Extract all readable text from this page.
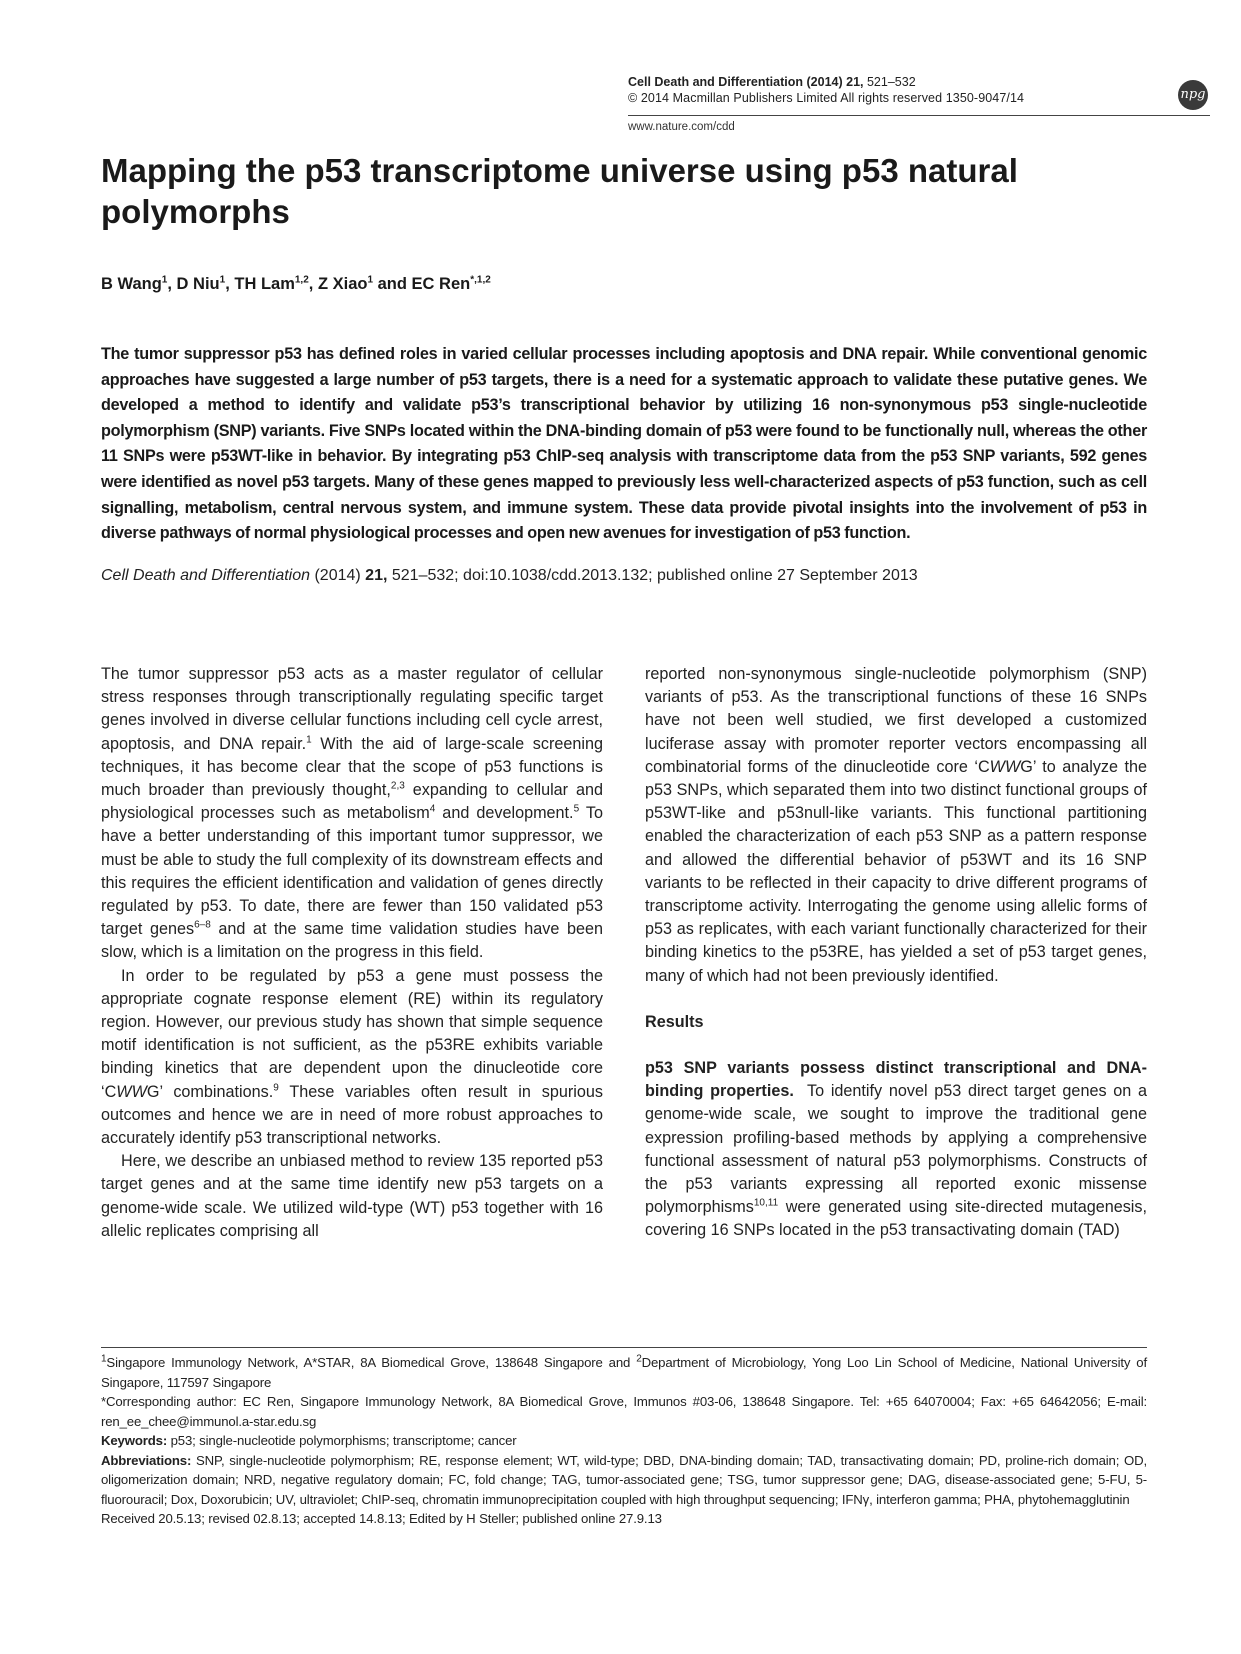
Cell Death and Differentiation (2014) 21, 521–532
© 2014 Macmillan Publishers Limited All rights reserved 1350-9047/14	npg
www.nature.com/cdd
Mapping the p53 transcriptome universe using p53 natural polymorphs
B Wang$^1$, D Niu$^1$, TH Lam$^{1,2}$, Z Xiao$^1$ and EC Ren$^{*,1,2}$

The tumor suppressor p53 has defined roles in varied cellular processes including apoptosis and DNA repair. While conventional genomic approaches have suggested a large number of p53 targets, there is a need for a systematic approach to validate these putative genes. We developed a method to identify and validate p53’s transcriptional behavior by utilizing 16 non-synonymous p53 single-nucleotide polymorphism (SNP) variants. Five SNPs located within the DNA-binding domain of p53 were found to be functionally null, whereas the other 11 SNPs were p53WT-like in behavior. By integrating p53 ChIP-seq analysis with transcriptome data from the p53 SNP variants, 592 genes were identified as novel p53 targets. Many of these genes mapped to previously less well-characterized aspects of p53 function, such as cell signalling, metabolism, central nervous system, and immune system. These data provide pivotal insights into the involvement of p53 in diverse pathways of normal physiological processes and open new avenues for investigation of p53 function.

Cell Death and Differentiation (2014) 21, 521–532; doi:10.1038/cdd.2013.132; published online 27 September 2013

The tumor suppressor p53 acts as a master regulator of cellular stress responses through transcriptionally regulating specific target genes involved in diverse cellular functions including cell cycle arrest, apoptosis, and DNA repair.$^1$ With the aid of large-scale screening techniques, it has become clear that the scope of p53 functions is much broader than previously thought,$^{2,3}$ expanding to cellular and physiological processes such as metabolism$^4$ and development.$^5$ To have a better understanding of this important tumor suppressor, we must be able to study the full complexity of its downstream effects and this requires the efficient identification and validation of genes directly regulated by p53. To date, there are fewer than 150 validated p53 target genes$^{6-8}$ and at the same time validation studies have been slow, which is a limitation on the progress in this field.

In order to be regulated by p53 a gene must possess the appropriate cognate response element (RE) within its regulatory region. However, our previous study has shown that simple sequence motif identification is not sufficient, as the p53RE exhibits variable binding kinetics that are dependent upon the dinucleotide core ‘CWWG’ combinations.$^9$ These variables often result in spurious outcomes and hence we are in need of more robust approaches to accurately identify p53 transcriptional networks.

Here, we describe an unbiased method to review 135 reported p53 target genes and at the same time identify new p53 targets on a genome-wide scale. We utilized wild-type (WT) p53 together with 16 allelic replicates comprising all

reported non-synonymous single-nucleotide polymorphism (SNP) variants of p53. As the transcriptional functions of these 16 SNPs have not been well studied, we first developed a customized luciferase assay with promoter reporter vectors encompassing all combinatorial forms of the dinucleotide core ‘CWWG’ to analyze the p53 SNPs, which separated them into two distinct functional groups of p53WT-like and p53null-like variants. This functional partitioning enabled the characterization of each p53 SNP as a pattern response and allowed the differential behavior of p53WT and its 16 SNP variants to be reflected in their capacity to drive different programs of transcriptome activity. Interrogating the genome using allelic forms of p53 as replicates, with each variant functionally characterized for their binding kinetics to the p53RE, has yielded a set of p53 target genes, many of which had not been previously identified.

Results

p53 SNP variants possess distinct transcriptional and DNA-binding properties. To identify novel p53 direct target genes on a genome-wide scale, we sought to improve the traditional gene expression profiling-based methods by applying a comprehensive functional assessment of natural p53 polymorphisms. Constructs of the p53 variants expressing all reported exonic missense polymorphisms$^{10,11}$ were generated using site-directed mutagenesis, covering 16 SNPs located in the p53 transactivating domain (TAD)

$^1$Singapore Immunology Network, A*STAR, 8A Biomedical Grove, 138648 Singapore and $^2$Department of Microbiology, Yong Loo Lin School of Medicine, National University of Singapore, 117597 Singapore

*Corresponding author: EC Ren, Singapore Immunology Network, 8A Biomedical Grove, Immunos #03-06, 138648 Singapore. Tel: +65 64070004; Fax: +65 64642056; E-mail: ren_ee_chee@immunol.a-star.edu.sg

Keywords: p53; single-nucleotide polymorphisms; transcriptome; cancer

Abbreviations: SNP, single-nucleotide polymorphism; RE, response element; WT, wild-type; DBD, DNA-binding domain; TAD, transactivating domain; PD, proline-rich domain; OD, oligomerization domain; NRD, negative regulatory domain; FC, fold change; TAG, tumor-associated gene; TSG, tumor suppressor gene; DAG, disease-associated gene; 5-FU, 5-fluorouracil; Dox, Doxorubicin; UV, ultraviolet; ChIP-seq, chromatin immunoprecipitation coupled with high throughput sequencing; IFNγ, interferon gamma; PHA, phytohemagglutinin

Received 20.5.13; revised 02.8.13; accepted 14.8.13; Edited by H Steller; published online 27.9.13
